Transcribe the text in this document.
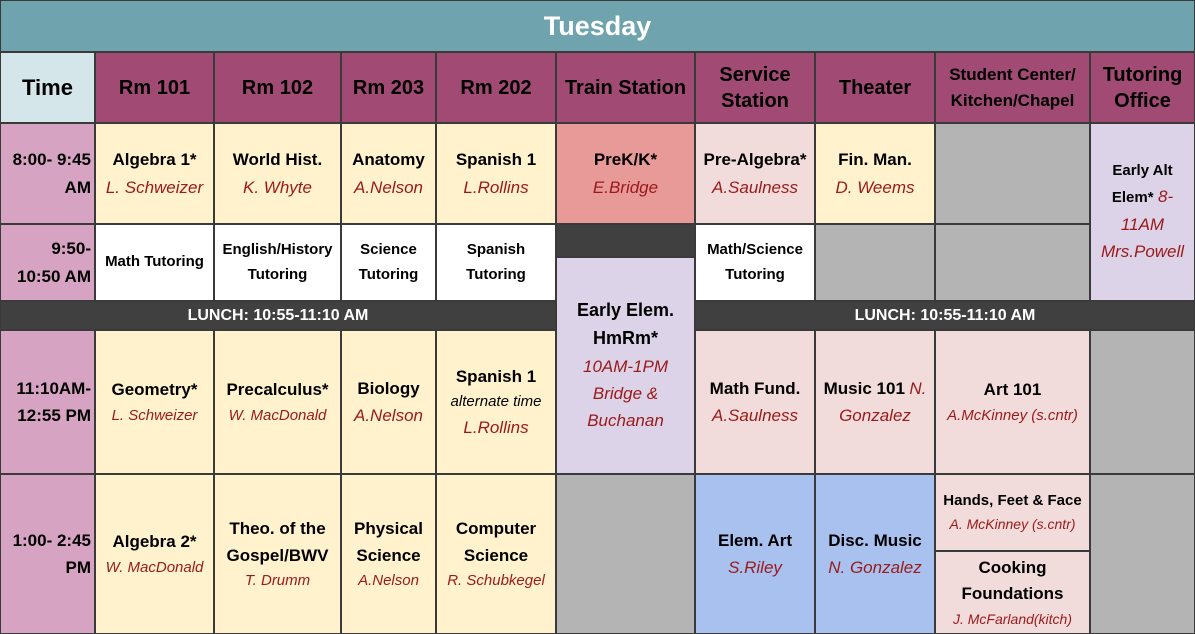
Tuesday
Time Rm 101	Rm 102 Rm 203 Rm 202 Train Station
Service
Station
Theater
Student Center/
Kitchen/Chapel
Tutoring
Office
8:00- 9:45
AM
9:50-
10:50 AM
11:10AM-
12:55 PM
1:00- 2:45
PM
Algebra 1*
L. Schweizer
World Hist.
K. Whyte
Anatomy
A.Nelson
Spanish 1
L.Rollins
PreK/K*
E.Bridge
Pre-Algebra*
A.Saulness
Fin. Man.
D. Weems
Early Alt
Elem* 8-
11AM
Mrs.Powell
Math Tutoring
English/History
Tutoring
Science
Tutoring
Spanish
Tutoring
Math/Science
Tutoring
Early Elem.
HmRm*
10AM-1PM
Bridge &
Buchanan
LUNCH: 10:55-11:10 AM	LUNCH: 10:55-11:10 AM
Geometry*
L. Schweizer
Precalculus*
W. MacDonald
Biology
A.Nelson
Spanish 1
alternate time
L.Rollins
Math Fund.
A.Saulness
Music 101 N.
Gonzalez
Art 101
A.McKinney (s.cntr)
Algebra 2*
W. MacDonald
Theo. of the
Gospel/BWV
T. Drumm
Physical
Science
A.Nelson
Computer
Science
R. Schubkegel
Elem. Art
S.Riley
Disc. Music
N. Gonzalez
Hands, Feet & Face
A. McKinney (s.cntr)
Cooking
Foundations
J. McFarland(kitch)
